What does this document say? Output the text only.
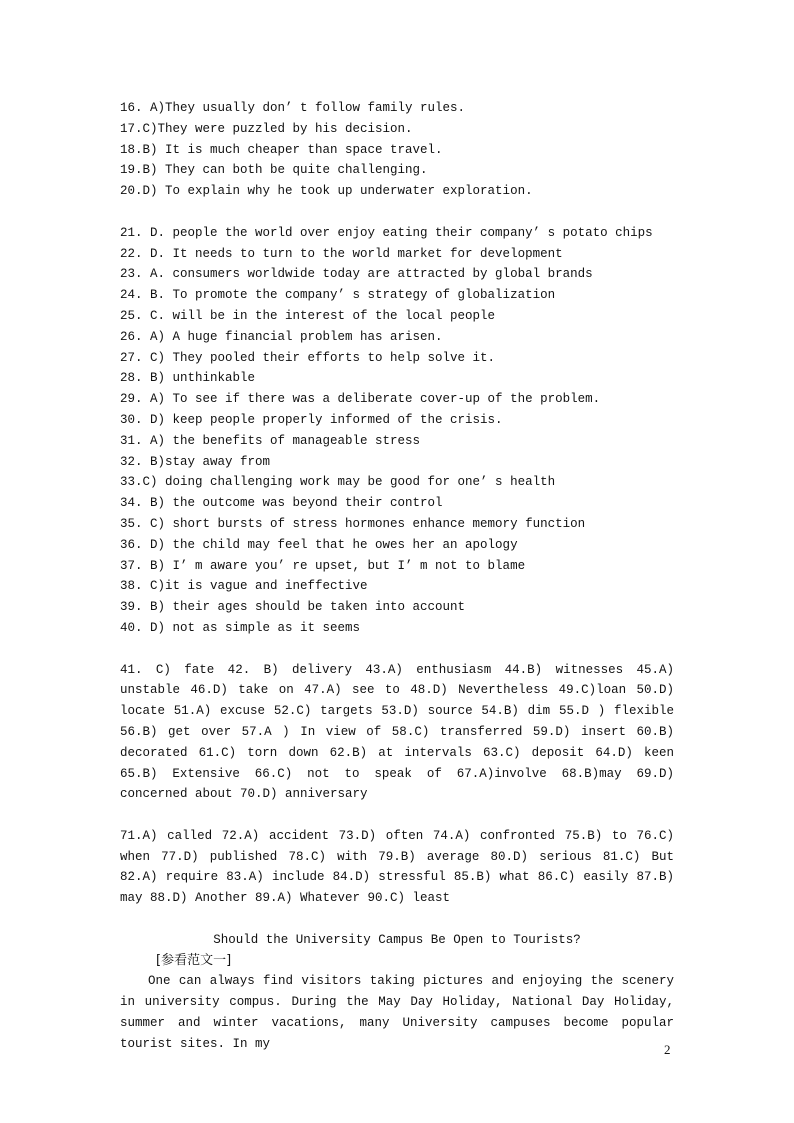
16. A)They usually don’ t follow family rules.
17.C)They were puzzled by his decision.
18.B) It is much cheaper than space travel.
19.B) They can both be quite challenging.
20.D) To explain why he took up underwater exploration.
21. D. people the world over enjoy eating their company’ s potato chips
22. D. It needs to turn to the world market for development
23. A. consumers worldwide today are attracted by global brands
24. B. To promote the company’ s strategy of globalization
25. C. will be in the interest of the local people
26. A) A huge financial problem has arisen.
27. C) They pooled their efforts to help solve it.
28. B) unthinkable
29. A) To see if there was a deliberate cover-up of the problem.
30. D) keep people properly informed of the crisis.
31. A) the benefits of manageable stress
32. B)stay away from
33.C) doing challenging work may be good for one’ s health
34. B) the outcome was beyond their control
35. C) short bursts of stress hormones enhance memory function
36. D) the child may feel that he owes her an apology
37. B) I’ m aware you’ re upset, but I’ m not to blame
38. C)it is vague and ineffective
39. B) their ages should be taken into account
40. D) not as simple as it seems
41. C) fate 42. B) delivery 43.A) enthusiasm 44.B) witnesses 45.A) unstable 46.D) take on 47.A) see to 48.D) Nevertheless 49.C)loan 50.D) locate 51.A) excuse 52.C) targets 53.D) source 54.B) dim 55.D ) flexible 56.B) get over 57.A ) In view of 58.C) transferred 59.D) insert 60.B) decorated 61.C) torn down 62.B) at intervals 63.C) deposit 64.D) keen 65.B) Extensive 66.C) not to speak of 67.A)involve 68.B)may 69.D) concerned about 70.D) anniversary
71.A) called 72.A) accident 73.D) often 74.A) confronted 75.B) to 76.C) when 77.D) published 78.C) with 79.B) average 80.D) serious 81.C) But 82.A) require 83.A) include 84.D) stressful 85.B) what 86.C) easily 87.B) may 88.D) Another 89.A) Whatever 90.C) least
Should the University Campus Be Open to Tourists?
[参看范文一]
One can always find visitors taking pictures and enjoying the scenery in university compus. During the May Day Holiday, National Day Holiday, summer and winter vacations, many University campuses become popular tourist sites. In my	2
